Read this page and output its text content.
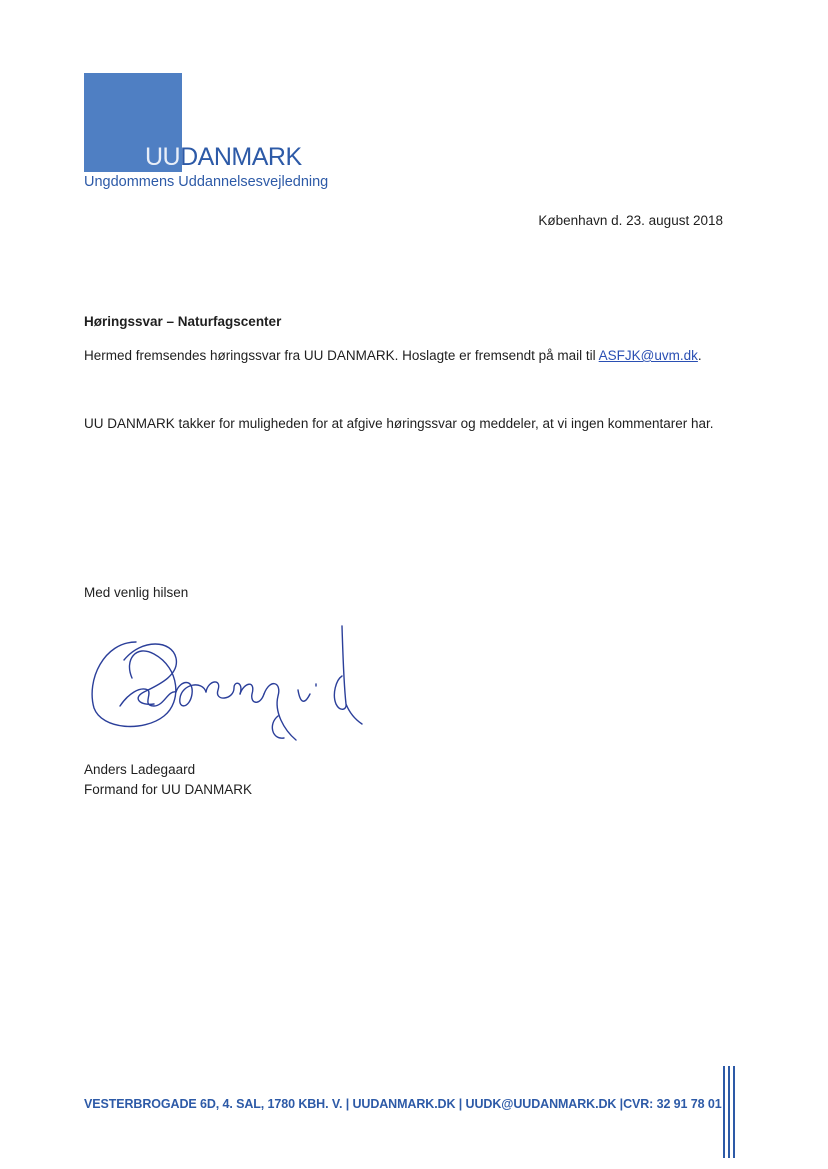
UUDANMARK
Ungdommens Uddannelsesvejledning
København d. 23. august 2018
Høringssvar – Naturfagscenter
Hermed fremsendes høringssvar fra UU DANMARK. Hoslagte er fremsendt på mail til ASFJK@uvm.dk.
UU DANMARK takker for muligheden for at afgive høringssvar og meddeler, at vi ingen kommentarer har.
Med venlig hilsen
Anders Ladegaard
Formand for UU DANMARK
VESTERBROGADE 6D, 4. SAL, 1780 KBH. V. | UUDANMARK.DK | UUDK@UUDANMARK.DK |CVR: 32 91 78 01
